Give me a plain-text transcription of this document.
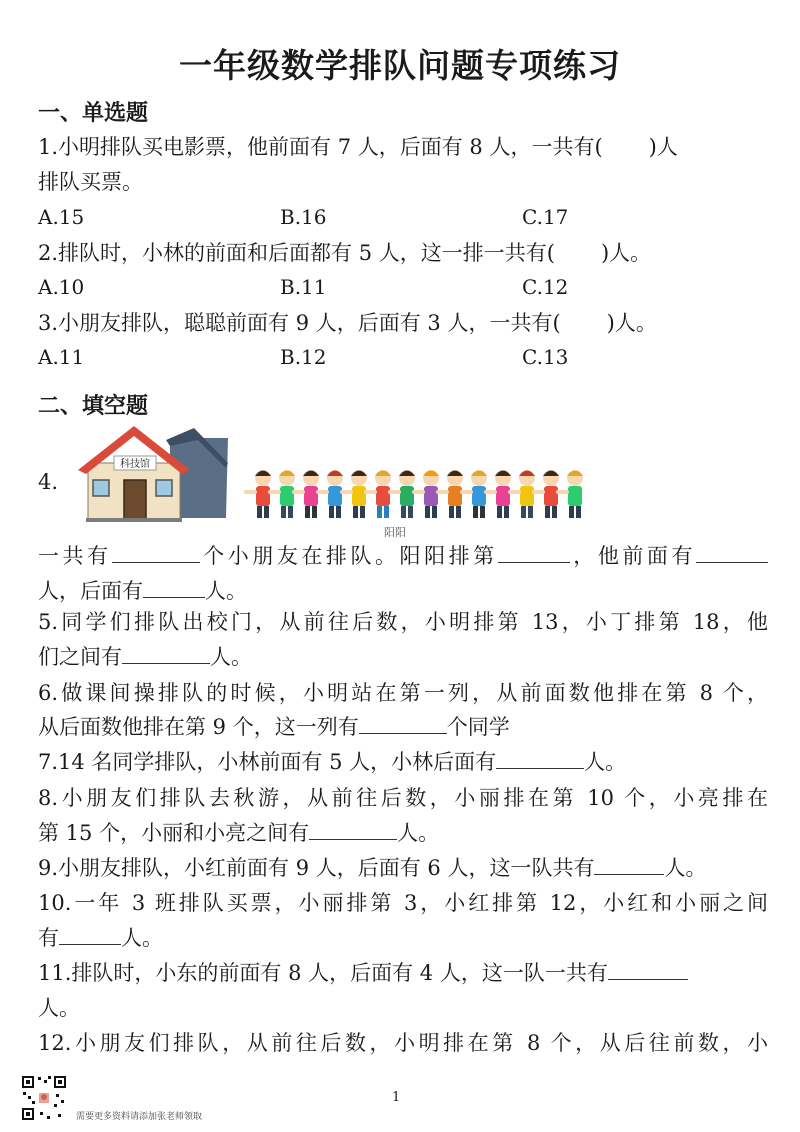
一年级数学排队问题专项练习
一、单选题
1.小明排队买电影票，他前面有 7 人，后面有 8 人，一共有( )人
排队买票。
A.15	B.16	C.17
2.排队时，小林的前面和后面都有 5 人，这一排一共有( )人。
A.10	B.11	C.12
3.小朋友排队，聪聪前面有 9 人，后面有 3 人，一共有( )人。
A.11	B.12	C.13
二、填空题
4.
科技馆
阳阳
一共有	个小朋友在排队。阳阳排第	，他前面有
人，后面有	人。
5.同学们排队出校门，从前往后数，小明排第 13，小丁排第 18，他
们之间有	人。
6.做课间操排队的时候，小明站在第一列，从前面数他排在第 8 个，
从后面数他排在第 9 个，这一列有	个同学
7.14 名同学排队，小林前面有 5 人，小林后面有	人。
8.小朋友们排队去秋游，从前往后数，小丽排在第 10 个，小亮排在
第 15 个，小丽和小亮之间有	人。
9.小朋友排队，小红前面有 9 人，后面有 6 人，这一队共有	人。
10.一年 3 班排队买票，小丽排第 3，小红排第 12，小红和小丽之间
有	人。
11.排队时，小东的前面有 8 人，后面有 4 人，这一队一共有
人。
12.小朋友们排队，从前往后数，小明排在第 8 个，从后往前数，小
1
需要更多资料请添加张老师领取
